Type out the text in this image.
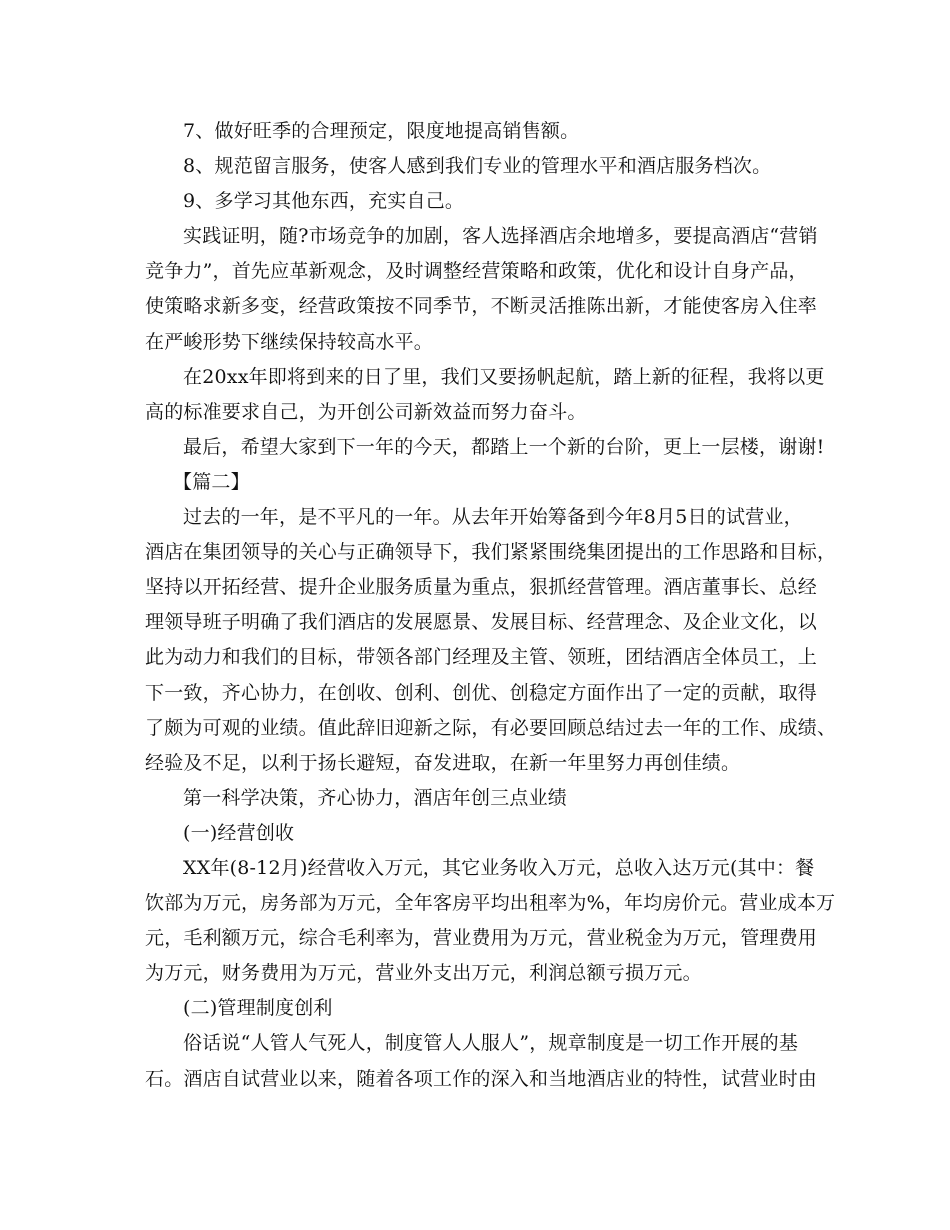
7、做好旺季的合理预定，限度地提高销售额。
8、规范留言服务，使客人感到我们专业的管理水平和酒店服务档次。
9、多学习其他东西，充实自己。
实践证明，随?市场竞争的加剧，客人选择酒店余地增多，要提高酒店“营销
竞争力”，首先应革新观念，及时调整经营策略和政策，优化和设计自身产品，
使策略求新多变，经营政策按不同季节，不断灵活推陈出新，才能使客房入住率
在严峻形势下继续保持较高水平。
在20xx年即将到来的日了里，我们又要扬帆起航，踏上新的征程，我将以更
高的标准要求自己，为开创公司新效益而努力奋斗。
最后，希望大家到下一年的今天，都踏上一个新的台阶，更上一层楼，谢谢!
【篇二】
过去的一年，是不平凡的一年。从去年开始筹备到今年8月5日的试营业，
酒店在集团领导的关心与正确领导下，我们紧紧围绕集团提出的工作思路和目标，
坚持以开拓经营、提升企业服务质量为重点，狠抓经营管理。酒店董事长、总经
理领导班子明确了我们酒店的发展愿景、发展目标、经营理念、及企业文化，以
此为动力和我们的目标，带领各部门经理及主管、领班，团结酒店全体员工，上
下一致，齐心协力，在创收、创利、创优、创稳定方面作出了一定的贡献，取得
了颇为可观的业绩。值此辞旧迎新之际，有必要回顾总结过去一年的工作、成绩、
经验及不足，以利于扬长避短，奋发进取，在新一年里努力再创佳绩。
第一科学决策，齐心协力，酒店年创三点业绩
(一)经营创收
XX年(8-12月)经营收入万元，其它业务收入万元，总收入达万元(其中：餐
饮部为万元，房务部为万元，全年客房平均出租率为%，年均房价元。营业成本万
元，毛利额万元，综合毛利率为，营业费用为万元，营业税金为万元，管理费用
为万元，财务费用为万元，营业外支出万元，利润总额亏损万元。
(二)管理制度创利
俗话说“人管人气死人，制度管人人服人”，规章制度是一切工作开展的基
石。酒店自试营业以来，随着各项工作的深入和当地酒店业的特性，试营业时由
